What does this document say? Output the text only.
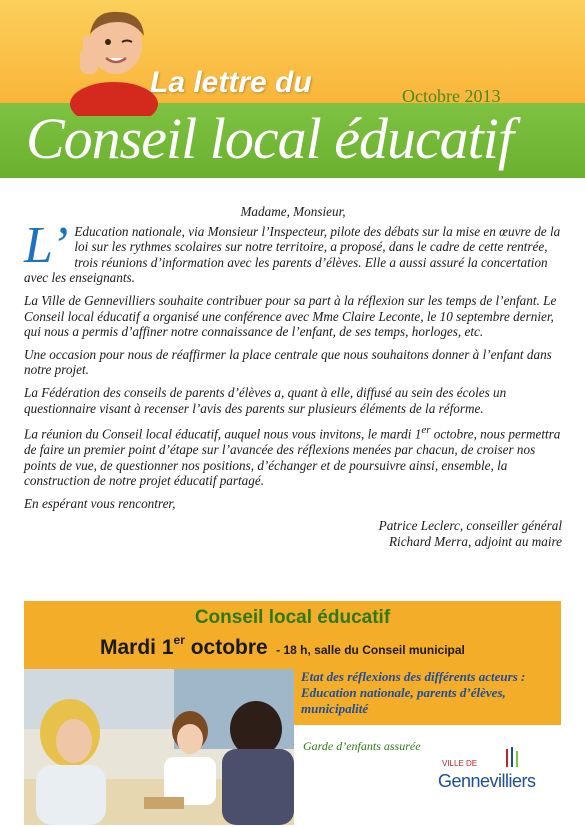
La lettre du	Octobre 2013
Conseil local éducatif
Madame, Monsieur,

L’ Education nationale, via Monsieur l’Inspecteur, pilote des débats sur la mise en œuvre de la loi sur les rythmes scolaires sur notre territoire, a proposé, dans le cadre de cette rentrée, trois réunions d’information avec les parents d’élèves. Elle a aussi assuré la concertation avec les enseignants.

La Ville de Gennevilliers souhaite contribuer pour sa part à la réflexion sur les temps de l’enfant. Le Conseil local éducatif a organisé une conférence avec Mme Claire Leconte, le 10 septembre dernier, qui nous a permis d’affiner notre connaissance de l’enfant, de ses temps, horloges, etc.

Une occasion pour nous de réaffirmer la place centrale que nous souhaitons donner à l’enfant dans notre projet.

La Fédération des conseils de parents d’élèves a, quant à elle, diffusé au sein des écoles un questionnaire visant à recenser l’avis des parents sur plusieurs éléments de la réforme.

La réunion du Conseil local éducatif, auquel nous vous invitons, le mardi 1er octobre, nous permettra de faire un premier point d’étape sur l’avancée des réflexions menées par chacun, de croiser nos points de vue, de questionner nos positions, d’échanger et de poursuivre ainsi, ensemble, la construction de notre projet éducatif partagé.

En espérant vous rencontrer,

Patrice Leclerc, conseiller général
Richard Merra, adjoint au maire
Conseil local éducatif
Mardi 1er octobre - 18 h, salle du Conseil municipal
Etat des réflexions des différents acteurs : Education nationale, parents d’élèves, municipalité
Garde d’enfants assurée
VILLE DE
Gennevilliers
